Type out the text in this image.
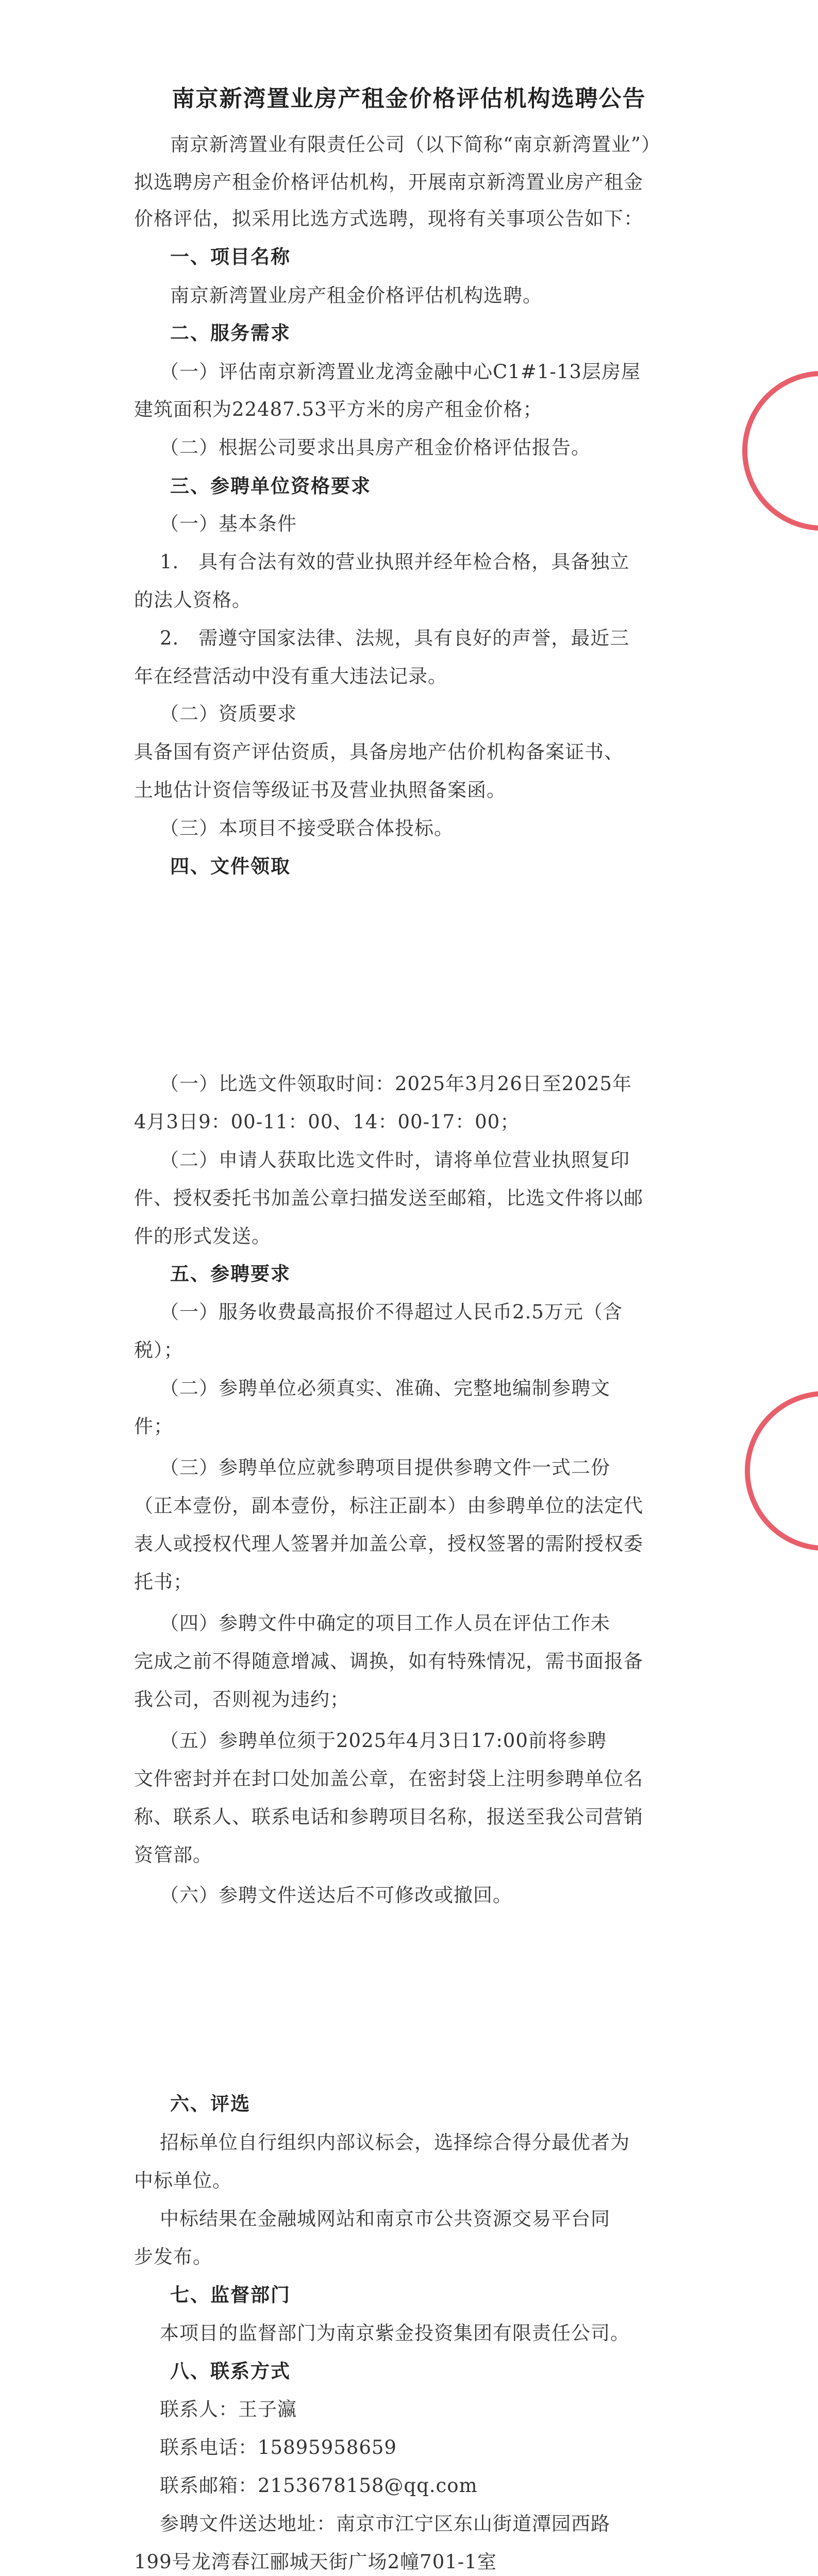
南京新湾置业房产租金价格评估机构选聘公告
南京新湾置业有限责任公司（以下简称“南京新湾置业”）
拟选聘房产租金价格评估机构，开展南京新湾置业房产租金
价格评估，拟采用比选方式选聘，现将有关事项公告如下：
一、项目名称
南京新湾置业房产租金价格评估机构选聘。
二、服务需求
（一）评估南京新湾置业龙湾金融中心C1#1-13层房屋
建筑面积为22487.53平方米的房产租金价格；
（二）根据公司要求出具房产租金价格评估报告。
三、参聘单位资格要求
（一）基本条件
1.　具有合法有效的营业执照并经年检合格，具备独立
的法人资格。
2.　需遵守国家法律、法规，具有良好的声誉，最近三
年在经营活动中没有重大违法记录。
（二）资质要求
具备国有资产评估资质，具备房地产估价机构备案证书、
土地估计资信等级证书及营业执照备案函。
（三）本项目不接受联合体投标。
四、文件领取
（一）比选文件领取时间：2025年3月26日至2025年
4月3日9：00-11：00、14：00-17：00；
（二）申请人获取比选文件时，请将单位营业执照复印
件、授权委托书加盖公章扫描发送至邮箱，比选文件将以邮
件的形式发送。
五、参聘要求
（一）服务收费最高报价不得超过人民币2.5万元（含
税）；
（二）参聘单位必须真实、准确、完整地编制参聘文
件；
（三）参聘单位应就参聘项目提供参聘文件一式二份
（正本壹份，副本壹份，标注正副本）由参聘单位的法定代
表人或授权代理人签署并加盖公章，授权签署的需附授权委
托书；
（四）参聘文件中确定的项目工作人员在评估工作未
完成之前不得随意增减、调换，如有特殊情况，需书面报备
我公司，否则视为违约；
（五）参聘单位须于2025年4月3日17:00前将参聘
文件密封并在封口处加盖公章，在密封袋上注明参聘单位名
称、联系人、联系电话和参聘项目名称，报送至我公司营销
资管部。
（六）参聘文件送达后不可修改或撤回。
六、评选
招标单位自行组织内部议标会，选择综合得分最优者为
中标单位。
中标结果在金融城网站和南京市公共资源交易平台同
步发布。
七、监督部门
本项目的监督部门为南京紫金投资集团有限责任公司。
八、联系方式
联系人：王子瀛
联系电话：15895958659
联系邮箱：2153678158@qq.com
参聘文件送达地址：南京市江宁区东山街道潭园西路
199号龙湾春江郦城天街广场2幢701-1室
